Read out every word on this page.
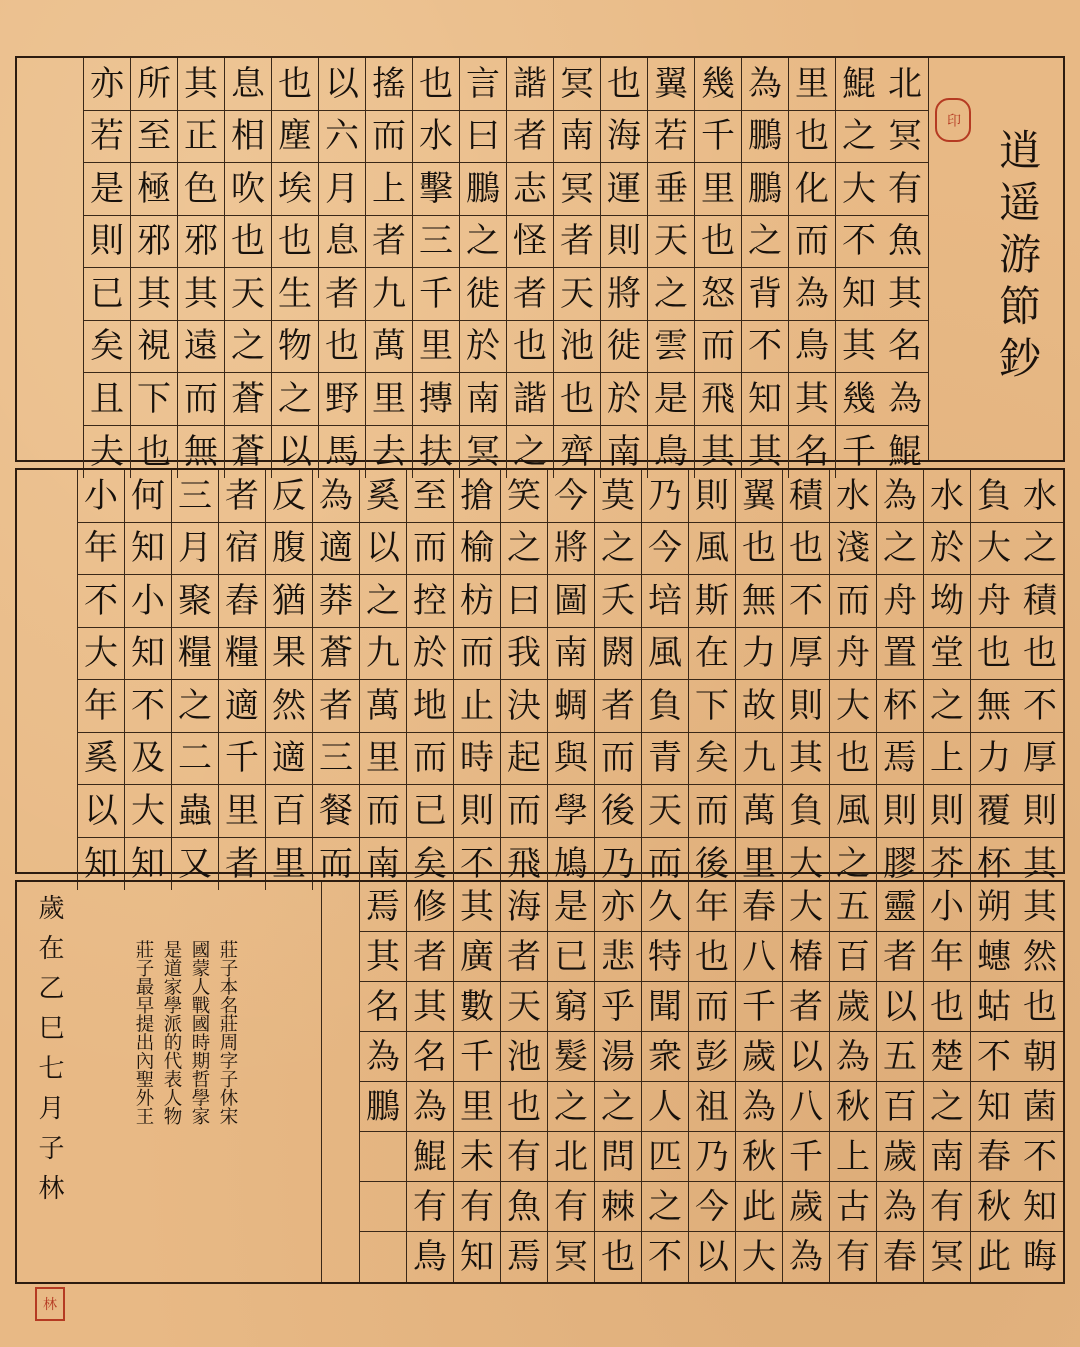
印
逍遥游節鈔
北
冥
有
魚
其
名
為
鯤
鯤
之
大
不
知
其
幾
千
里
也
化
而
為
鳥
其
名
為
鵬
鵬
之
背
不
知
其
幾
千
里
也
怒
而
飛
其
翼
若
垂
天
之
雲
是
鳥
也
海
運
則
將
徙
於
南
冥
南
冥
者
天
池
也
齊
諧
者
志
怪
者
也
諧
之
言
曰
鵬
之
徙
於
南
冥
也
水
擊
三
千
里
摶
扶
搖
而
上
者
九
萬
里
去
以
六
月
息
者
也
野
馬
也
塵
埃
也
生
物
之
以
息
相
吹
也
天
之
蒼
蒼
其
正
色
邪
其
遠
而
無
所
至
極
邪
其
視
下
也
亦
若
是
則
已
矣
且
夫
水
之
積
也
不
厚
則
其
負
大
舟
也
無
力
覆
杯
水
於
坳
堂
之
上
則
芥
為
之
舟
置
杯
焉
則
膠
水
淺
而
舟
大
也
風
之
積
也
不
厚
則
其
負
大
翼
也
無
力
故
九
萬
里
則
風
斯
在
下
矣
而
後
乃
今
培
風
負
青
天
而
莫
之
夭
閼
者
而
後
乃
今
將
圖
南
蜩
與
學
鳩
笑
之
曰
我
決
起
而
飛
搶
榆
枋
而
止
時
則
不
至
而
控
於
地
而
已
矣
奚
以
之
九
萬
里
而
南
為
適
莽
蒼
者
三
餐
而
反
腹
猶
果
然
適
百
里
者
宿
舂
糧
適
千
里
者
三
月
聚
糧
之
二
蟲
又
何
知
小
知
不
及
大
知
小
年
不
大
年
奚
以
知
其
然
也
朝
菌
不
知
晦
朔
蟪
蛄
不
知
春
秋
此
小
年
也
楚
之
南
有
冥
靈
者
以
五
百
歲
為
春
五
百
歲
為
秋
上
古
有
大
椿
者
以
八
千
歲
為
春
八
千
歲
為
秋
此
大
年
也
而
彭
祖
乃
今
以
久
特
聞
衆
人
匹
之
不
亦
悲
乎
湯
之
問
棘
也
是
已
窮
髮
之
北
有
冥
海
者
天
池
也
有
魚
焉
其
廣
數
千
里
未
有
知
修
者
其
名
為
鯤
有
鳥
焉
其
名
為
鵬
歲在乙巳七月子林
林
莊子本名莊周字子休宋
國蒙人戰國時期哲學家
是道家學派的代表人物
莊子最早提出內聖外王
